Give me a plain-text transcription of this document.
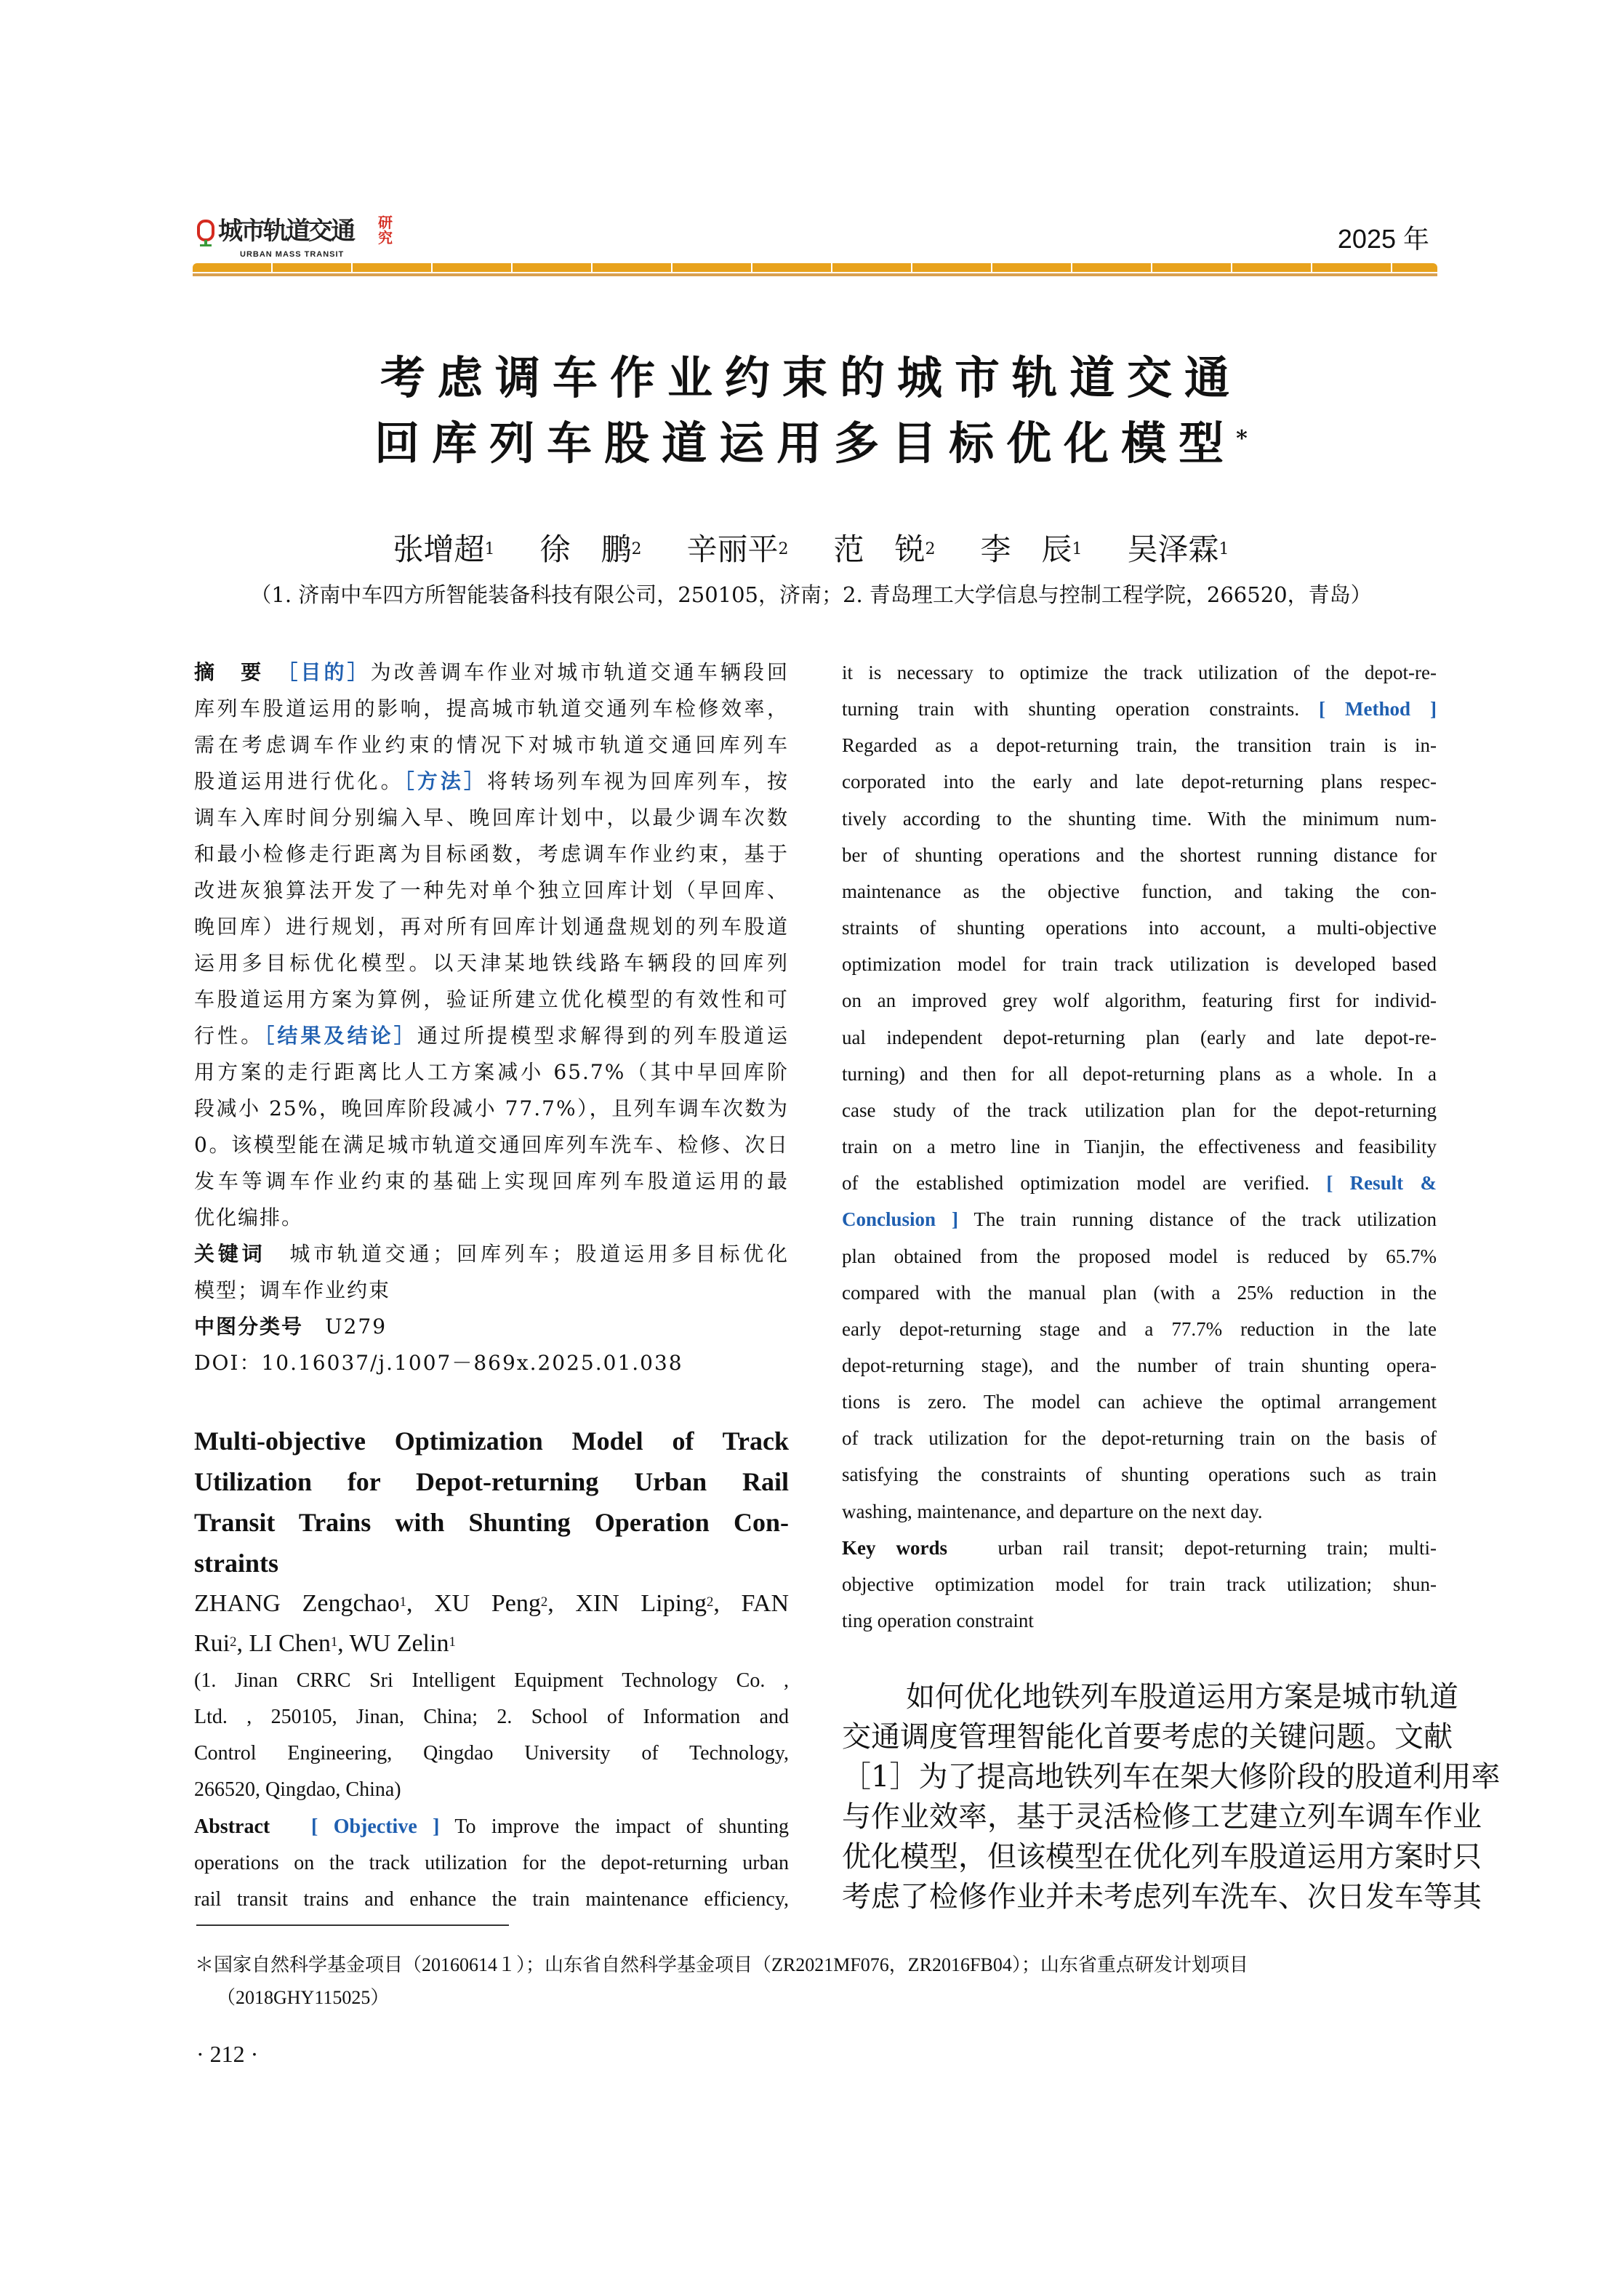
城市轨道交通 研究
URBAN MASS TRANSIT
2025 年
考虑调车作业约束的城市轨道交通
回库列车股道运用多目标优化模型*
张增超$^1$ 徐　鹏$^2$ 辛丽平$^2$ 范　锐$^2$ 李　辰$^1$ 吴泽霖$^1$
（1. 济南中车四方所智能装备科技有限公司，250105，济南；2. 青岛理工大学信息与控制工程学院，266520，青岛）
摘　要　［目的］为改善调车作业对城市轨道交通车辆段回
库列车股道运用的影响，提高城市轨道交通列车检修效率，
需在考虑调车作业约束的情况下对城市轨道交通回库列车
股道运用进行优化。［方法］将转场列车视为回库列车，按
调车入库时间分别编入早、晚回库计划中，以最少调车次数
和最小检修走行距离为目标函数，考虑调车作业约束，基于
改进灰狼算法开发了一种先对单个独立回库计划（早回库、
晚回库）进行规划，再对所有回库计划通盘规划的列车股道
运用多目标优化模型。以天津某地铁线路车辆段的回库列
车股道运用方案为算例，验证所建立优化模型的有效性和可
行性。［结果及结论］通过所提模型求解得到的列车股道运
用方案的走行距离比人工方案减小 65.7%（其中早回库阶
段减小 25%，晚回库阶段减小 77.7%），且列车调车次数为
0。该模型能在满足城市轨道交通回库列车洗车、检修、次日
发车等调车作业约束的基础上实现回库列车股道运用的最
优化编排。
关键词　城市轨道交通；回库列车；股道运用多目标优化
模型；调车作业约束
中图分类号　U279
DOI：10.16037/j.1007－869x.2025.01.038
Multi-objective Optimization Model of Track
Utilization for Depot-returning Urban Rail
Transit Trains with Shunting Operation Con-
straints
ZHANG Zengchao$^1$, XU Peng$^2$, XIN Liping$^2$, FAN
Rui$^2$, LI Chen$^1$, WU Zelin$^1$
(1. Jinan CRRC Sri Intelligent Equipment Technology Co. ,
Ltd. , 250105, Jinan, China; 2. School of Information and
Control Engineering, Qingdao University of Technology,
266520, Qingdao, China)
Abstract　[ Objective ] To improve the impact of shunting
operations on the track utilization for the depot-returning urban
rail transit trains and enhance the train maintenance efficiency,
it is necessary to optimize the track utilization of the depot-re-
turning train with shunting operation constraints. [ Method ]
Regarded as a depot-returning train, the transition train is in-
corporated into the early and late depot-returning plans respec-
tively according to the shunting time. With the minimum num-
ber of shunting operations and the shortest running distance for
maintenance as the objective function, and taking the con-
straints of shunting operations into account, a multi-objective
optimization model for train track utilization is developed based
on an improved grey wolf algorithm, featuring first for individ-
ual independent depot-returning plan (early and late depot-re-
turning) and then for all depot-returning plans as a whole. In a
case study of the track utilization plan for the depot-returning
train on a metro line in Tianjin, the effectiveness and feasibility
of the established optimization model are verified. [ Result &
Conclusion ] The train running distance of the track utilization
plan obtained from the proposed model is reduced by 65.7%
compared with the manual plan (with a 25% reduction in the
early depot-returning stage and a 77.7% reduction in the late
depot-returning stage), and the number of train shunting opera-
tions is zero. The model can achieve the optimal arrangement
of track utilization for the depot-returning train on the basis of
satisfying the constraints of shunting operations such as train
washing, maintenance, and departure on the next day.
Key words　urban rail transit; depot-returning train; multi-
objective optimization model for train track utilization; shun-
ting operation constraint
如何优化地铁列车股道运用方案是城市轨道
交通调度管理智能化首要考虑的关键问题。文献
［1］为了提高地铁列车在架大修阶段的股道利用率
与作业效率，基于灵活检修工艺建立列车调车作业
优化模型，但该模型在优化列车股道运用方案时只
考虑了检修作业并未考虑列车洗车、次日发车等其
＊国家自然科学基金项目（20160614１）；山东省自然科学基金项目（ZR2021MF076，ZR2016FB04）；山东省重点研发计划项目
（2018GHY115025）
· 212 ·
